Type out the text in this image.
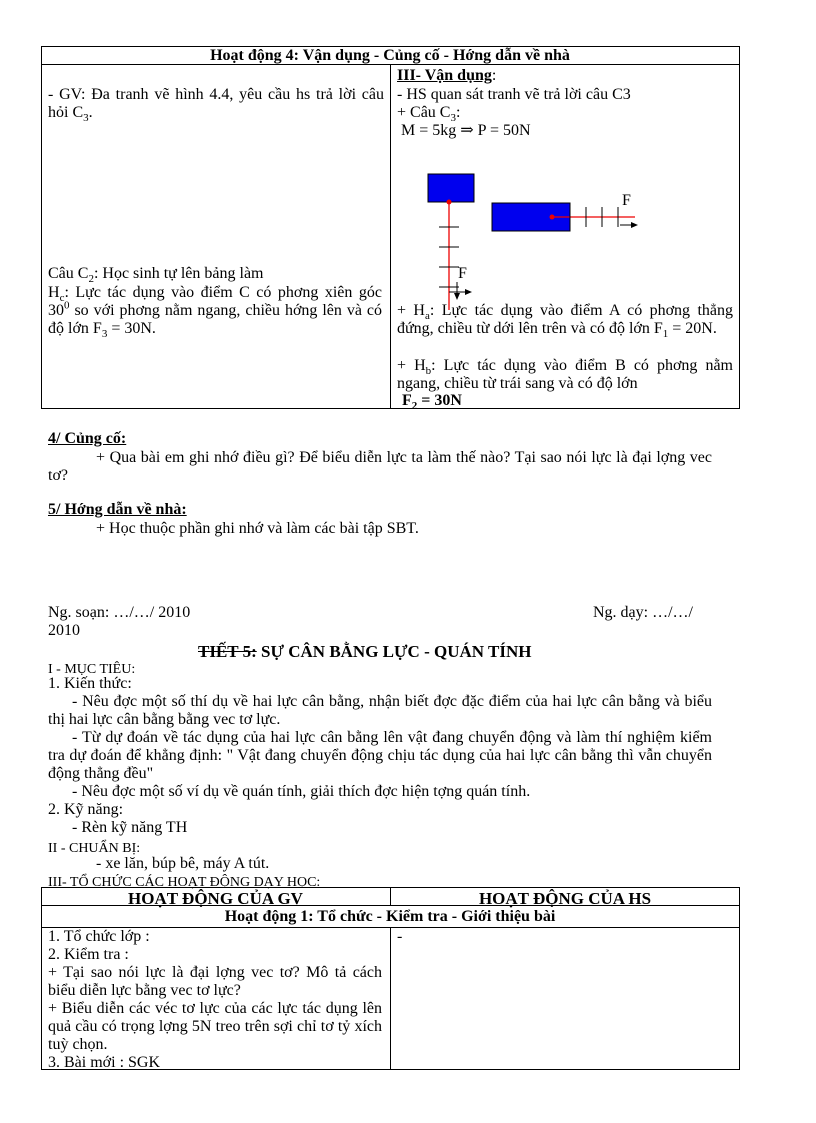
Hoạt động 4: Vận dụng - Củng cố - Hớng dẫn về nhà
- GV: Đa tranh vẽ hình 4.4, yêu cầu hs trả lời câu hỏi $C_3$.
Câu $C_2$: Học sinh tự lên bảng làm
$H_c$: Lực tác dụng vào điểm C có phơng xiên góc $30^0$ so với phơng nằm ngang, chiều hớng lên và có độ lớn $F_3 = 30N$.
III- Vận dụng:
- HS quan sát tranh vẽ trả lời câu C3
+ Câu $C_3$:
M = 5kg ⇒ P = 50N
F
F
+ $H_a$: Lực tác dụng vào điểm A có phơng thẳng đứng, chiều từ dới lên trên và có độ lớn $F_1 = 20N$.
+ $H_b$: Lực tác dụng vào điểm B có phơng nằm ngang, chiều từ trái sang và có độ lớn
$F_2 = 30N$
4/ Củng cố:
+ Qua bài em ghi nhớ điều gì? Để biểu diễn lực ta làm thế nào? Tại sao nói lực là đại lợng vec tơ?
5/ Hớng dẫn về nhà:
+ Học thuộc phần ghi nhớ và làm các bài tập SBT.
Ng. soạn: …/…/ 2010	Ng. dạy: …/…/
2010
TIẾT 5: SỰ CÂN BẰNG LỰC - QUÁN TÍNH
I - MỤC TIÊU:
1. Kiến thức:
- Nêu đợc một số thí dụ về hai lực cân bằng, nhận biết đợc đặc điểm của hai lực cân bằng và biểu thị hai lực cân bằng bằng vec tơ lực.
- Từ dự đoán về tác dụng của hai lực cân bằng lên vật đang chuyển động và làm thí nghiệm kiểm tra dự đoán để khẳng định: " Vật đang chuyển động chịu tác dụng của hai lực cân bằng thì vẫn chuyển động thẳng đều"
- Nêu đợc một số ví dụ về quán tính, giải thích đợc hiện tợng quán tính.
2. Kỹ năng:
- Rèn kỹ năng TH
II - CHUẨN BỊ:
- xe lăn, búp bê, máy A tút.
III- TỔ CHỨC CÁC HOẠT ĐỘNG DẠY HỌC:
HOẠT ĐỘNG CỦA GV	HOẠT ĐỘNG CỦA HS
Hoạt động 1: Tổ chức - Kiểm tra - Giới thiệu bài
1. Tổ chức lớp :
2. Kiểm tra :
+ Tại sao nói lực là đại lợng vec tơ? Mô tả cách biểu diễn lực bằng vec tơ lực?
+ Biểu diễn các véc tơ lực của các lực tác dụng lên quả cầu có trọng lợng 5N treo trên sợi chỉ tơ tỷ xích tuỳ chọn.
3. Bài mới : SGK
-
